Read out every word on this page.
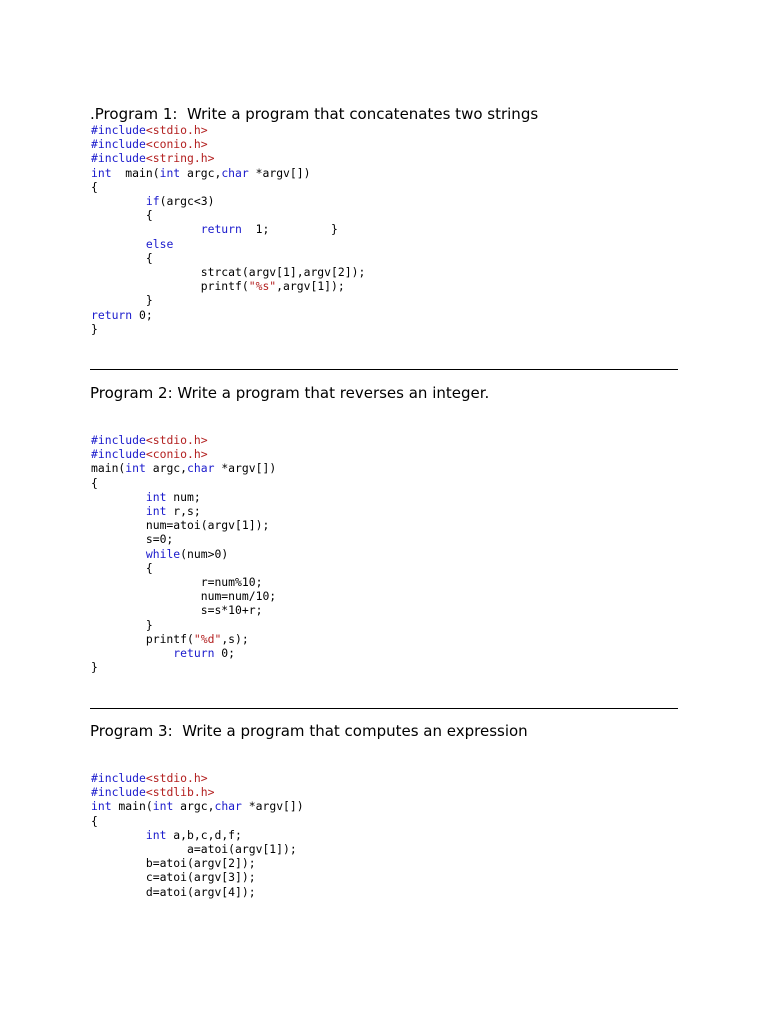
.Program 1:  Write a program that concatenates two strings
#include<stdio.h>
#include<conio.h>
#include<string.h>
int  main(int argc,char *argv[])
{
if(argc<3)
{
return  1;         }
else
{
strcat(argv[1],argv[2]);
printf("%s",argv[1]);
}
return 0;
}
Program 2: Write a program that reverses an integer.
#include<stdio.h>
#include<conio.h>
main(int argc,char *argv[])
{
int num;
int r,s;
num=atoi(argv[1]);
s=0;
while(num>0)
{
r=num%10;
num=num/10;
s=s*10+r;
}
printf("%d",s);
return 0;
}
Program 3:  Write a program that computes an expression
#include<stdio.h>
#include<stdlib.h>
int main(int argc,char *argv[])
{
int a,b,c,d,f;
a=atoi(argv[1]);
b=atoi(argv[2]);
c=atoi(argv[3]);
d=atoi(argv[4]);
